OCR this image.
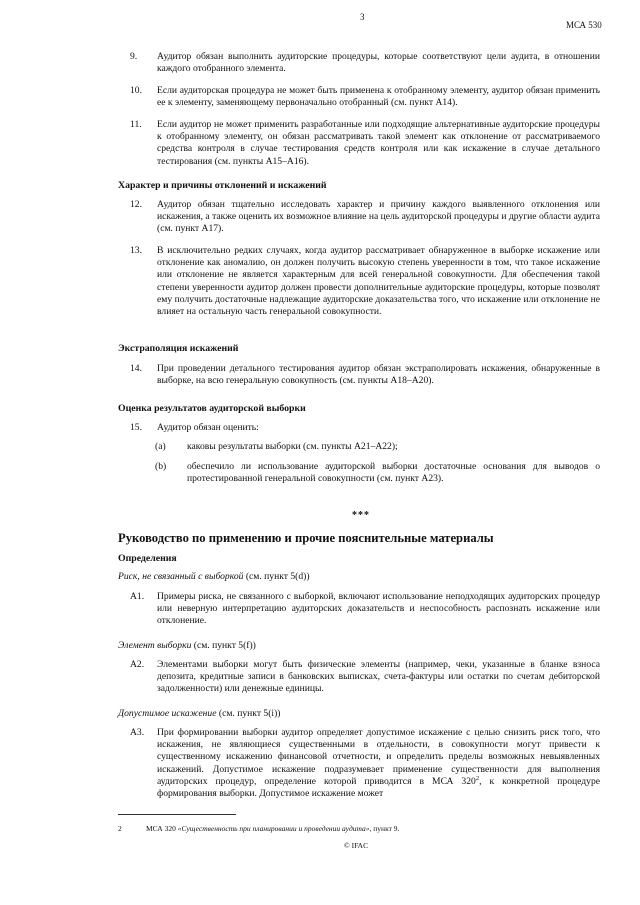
3
МСА 530
9.	Аудитор обязан выполнить аудиторские процедуры, которые соответствуют цели аудита, в отношении каждого отобранного элемента.
10.	Если аудиторская процедура не может быть применена к отобранному элементу, аудитор обязан применить ее к элементу, заменяющему первоначально отобранный (см. пункт А14).
11.	Если аудитор не может применить разработанные или подходящие альтернативные аудиторские процедуры к отобранному элементу, он обязан рассматривать такой элемент как отклонение от рассматриваемого средства контроля в случае тестирования средств контроля или как искажение в случае детального тестирования (см. пункты А15–А16).
Характер и причины отклонений и искажений
12.	Аудитор обязан тщательно исследовать характер и причину каждого выявленного отклонения или искажения, а также оценить их возможное влияние на цель аудиторской процедуры и другие области аудита (см. пункт А17).
13.	В исключительно редких случаях, когда аудитор рассматривает обнаруженное в выборке искажение или отклонение как аномалию, он должен получить высокую степень уверенности в том, что такое искажение или отклонение не является характерным для всей генеральной совокупности. Для обеспечения такой степени уверенности аудитор должен провести дополнительные аудиторские процедуры, которые позволят ему получить достаточные надлежащие аудиторские доказательства того, что искажение или отклонение не влияет на остальную часть генеральной совокупности.
Экстраполяция искажений
14.	При проведении детального тестирования аудитор обязан экстраполировать искажения, обнаруженные в выборке, на всю генеральную совокупность (см. пункты А18–А20).
Оценка результатов аудиторской выборки
15.	Аудитор обязан оценить:
(a)	каковы результаты выборки (см. пункты А21–А22);
(b)	обеспечило ли использование аудиторской выборки достаточные основания для выводов о протестированной генеральной совокупности (см. пункт А23).
***
Руководство по применению и прочие пояснительные материалы
Определения
Риск, не связанный с выборкой (см. пункт 5(d))
А1.	Примеры риска, не связанного с выборкой, включают использование неподходящих аудиторских процедур или неверную интерпретацию аудиторских доказательств и неспособность распознать искажение или отклонение.
Элемент выборки (см. пункт 5(f))
А2.	Элементами выборки могут быть физические элементы (например, чеки, указанные в бланке взноса депозита, кредитные записи в банковских выписках, счета-фактуры или остатки по счетам дебиторской задолженности) или денежные единицы.
Допустимое искажение (см. пункт 5(i))
А3.	При формировании выборки аудитор определяет допустимое искажение с целью снизить риск того, что искажения, не являющиеся существенными в отдельности, в совокупности могут привести к существенному искажению финансовой отчетности, и определить пределы возможных невыявленных искажений. Допустимое искажение подразумевает применение существенности для выполнения аудиторских процедур, определение которой приводится в МСА $320^2$, к конкретной процедуре формирования выборки. Допустимое искажение может
2	МСА 320 «Существенность при планировании и проведении аудита», пункт 9.
© IFAC
